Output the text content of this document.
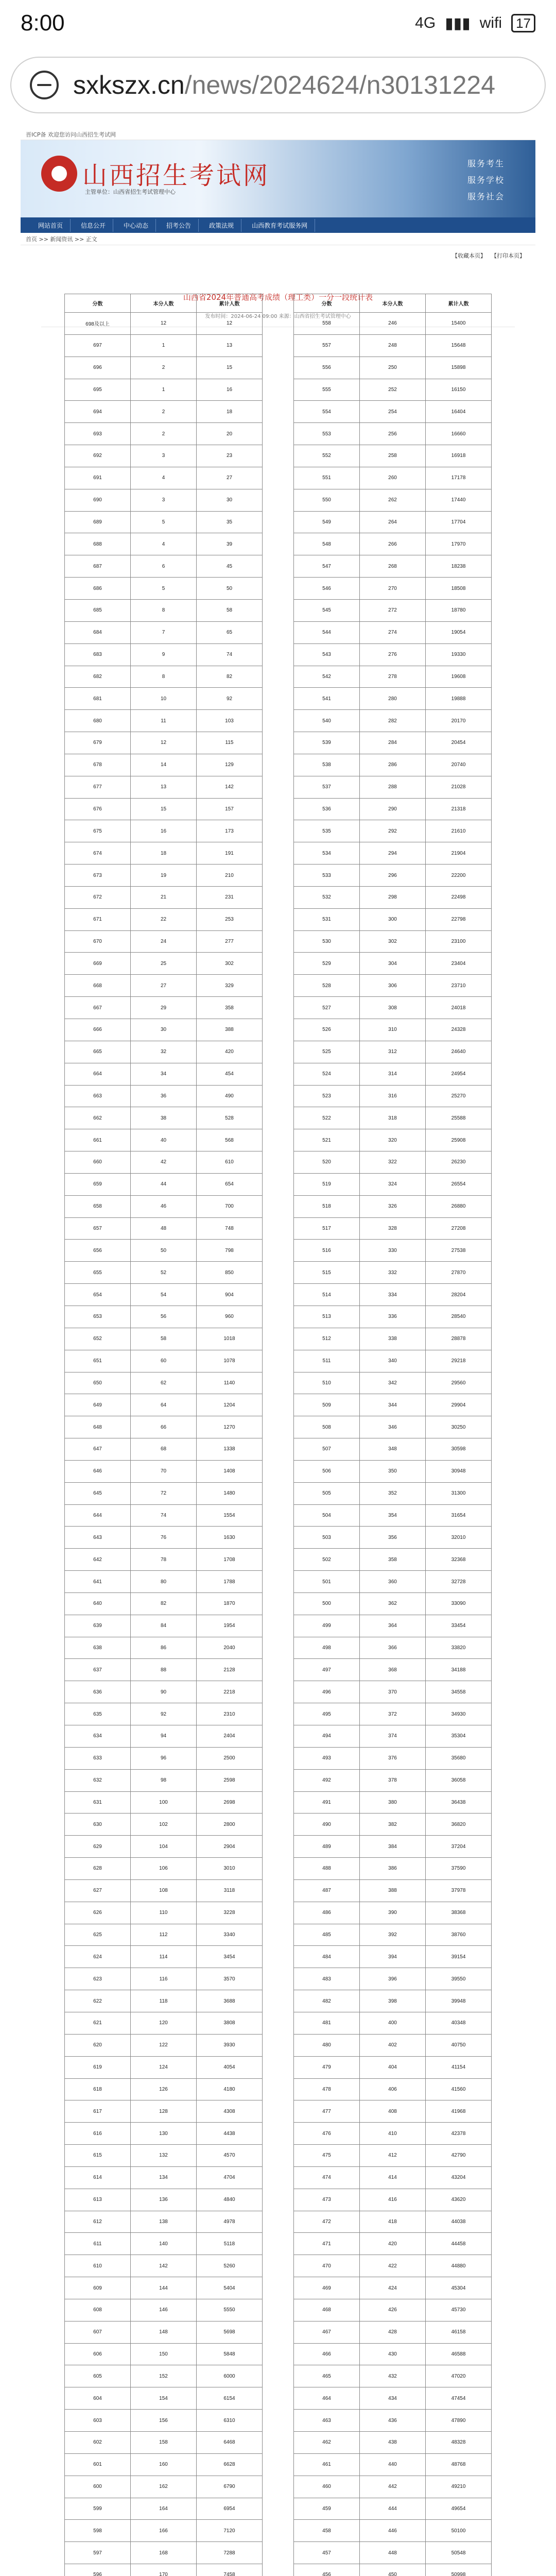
8:00	4G ▮▮▮ wifi	17
sxkszx.cn/news/2024624/n30131224
晋ICP备 欢迎您访问山西招生考试网
山西招生考试网
主管单位：山西省招生考试管理中心
服务考生
服务学校
服务社会
网站首页	信息公开	中心动态	招考公告	政策法规	山西教育考试服务网
首页 >> 新闻资讯 >> 正文
【收藏本页】 【打印本页】
山西省2024年普通高考成绩（理工类）一分一段统计表
发布时间：2024-06-24 09:00 来源：山西省招生考试管理中心
分数	本分人数	累计人数
698及以上	12	12
697	1	13
696	2	15
695	1	16
694	2	18
693	2	20
692	3	23
691	4	27
690	3	30
689	5	35
688	4	39
687	6	45
686	5	50
685	8	58
684	7	65
683	9	74
682	8	82
681	10	92
680	11	103
679	12	115
678	14	129
677	13	142
676	15	157
675	16	173
674	18	191
673	19	210
672	21	231
671	22	253
670	24	277
669	25	302
668	27	329
667	29	358
666	30	388
665	32	420
664	34	454
663	36	490
662	38	528
661	40	568
660	42	610
659	44	654
658	46	700
657	48	748
656	50	798
655	52	850
654	54	904
653	56	960
652	58	1018
651	60	1078
650	62	1140
649	64	1204
648	66	1270
647	68	1338
646	70	1408
645	72	1480
644	74	1554
643	76	1630
642	78	1708
641	80	1788
640	82	1870
639	84	1954
638	86	2040
637	88	2128
636	90	2218
635	92	2310
634	94	2404
633	96	2500
632	98	2598
631	100	2698
630	102	2800
629	104	2904
628	106	3010
627	108	3118
626	110	3228
625	112	3340
624	114	3454
623	116	3570
622	118	3688
621	120	3808
620	122	3930
619	124	4054
618	126	4180
617	128	4308
616	130	4438
615	132	4570
614	134	4704
613	136	4840
612	138	4978
611	140	5118
610	142	5260
609	144	5404
608	146	5550
607	148	5698
606	150	5848
605	152	6000
604	154	6154
603	156	6310
602	158	6468
601	160	6628
600	162	6790
599	164	6954
598	166	7120
597	168	7288
596	170	7458

分数	本分人数	累计人数
558	246	15400
557	248	15648
556	250	15898
555	252	16150
554	254	16404
553	256	16660
552	258	16918
551	260	17178
550	262	17440
549	264	17704
548	266	17970
547	268	18238
546	270	18508
545	272	18780
544	274	19054
543	276	19330
542	278	19608
541	280	19888
540	282	20170
539	284	20454
538	286	20740
537	288	21028
536	290	21318
535	292	21610
534	294	21904
533	296	22200
532	298	22498
531	300	22798
530	302	23100
529	304	23404
528	306	23710
527	308	24018
526	310	24328
525	312	24640
524	314	24954
523	316	25270
522	318	25588
521	320	25908
520	322	26230
519	324	26554
518	326	26880
517	328	27208
516	330	27538
515	332	27870
514	334	28204
513	336	28540
512	338	28878
511	340	29218
510	342	29560
509	344	29904
508	346	30250
507	348	30598
506	350	30948
505	352	31300
504	354	31654
503	356	32010
502	358	32368
501	360	32728
500	362	33090
499	364	33454
498	366	33820
497	368	34188
496	370	34558
495	372	34930
494	374	35304
493	376	35680
492	378	36058
491	380	36438
490	382	36820
489	384	37204
488	386	37590
487	388	37978
486	390	38368
485	392	38760
484	394	39154
483	396	39550
482	398	39948
481	400	40348
480	402	40750
479	404	41154
478	406	41560
477	408	41968
476	410	42378
475	412	42790
474	414	43204
473	416	43620
472	418	44038
471	420	44458
470	422	44880
469	424	45304
468	426	45730
467	428	46158
466	430	46588
465	432	47020
464	434	47454
463	436	47890
462	438	48328
461	440	48768
460	442	49210
459	444	49654
458	446	50100
457	448	50548
456	450	50998
